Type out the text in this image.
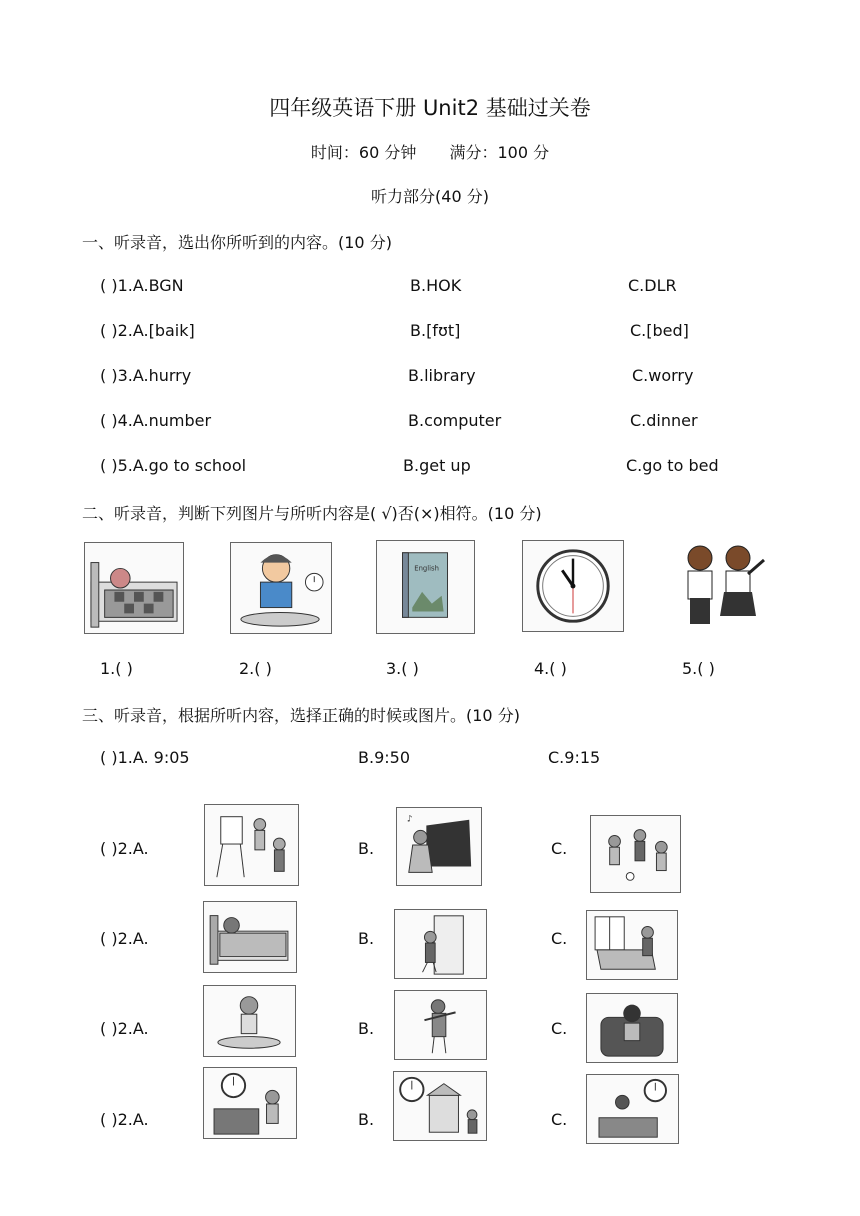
四年级英语下册 Unit2 基础过关卷
时间：60 分钟 满分：100 分
听力部分(40 分)
一、听录音，选出你所听到的内容。(10 分)
( )1.A.BGN	B.HOK	C.DLR
( )2.A.[baik]	B.[fʊt]	C.[bed]
( )3.A.hurry	B.library	C.worry
( )4.A.number	B.computer	C.dinner
( )5.A.go to school	B.get up	C.go to bed
二、听录音，判断下列图片与所听内容是( √)否(×)相符。(10 分)
English
1.( )	2.( )	3.( )	4.( )	5.( )
三、听录音，根据所听内容，选择正确的时候或图片。(10 分)
( )1.A. 9:05	B.9:50	C.9:15
( )2.A.	B.	C.
♪
( )2.A.	B.	C.
( )2.A.	B.	C.
( )2.A.	B.	C.
